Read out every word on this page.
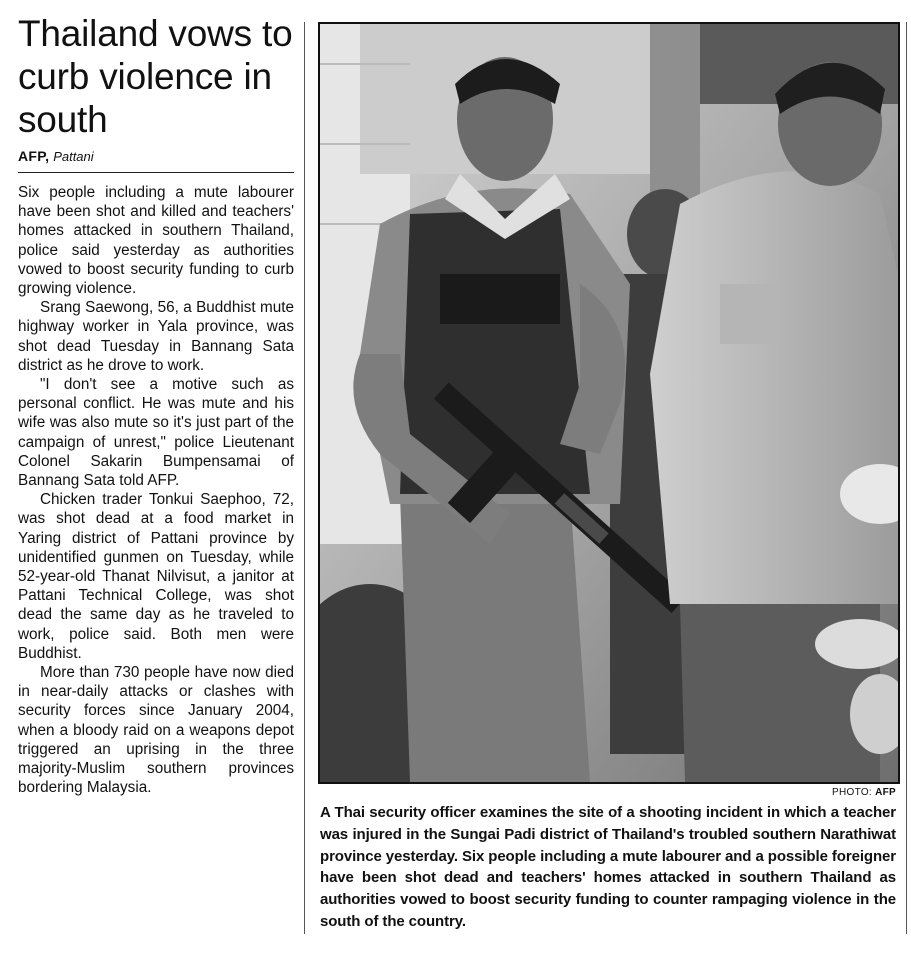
Thailand vows to curb violence in south
AFP, Pattani

Six people including a mute labourer have been shot and killed and teachers' homes attacked in southern Thailand, police said yesterday as authorities vowed to boost security funding to curb growing violence.

Srang Saewong, 56, a Buddhist mute highway worker in Yala province, was shot dead Tuesday in Bannang Sata district as he drove to work.

"I don't see a motive such as personal conflict. He was mute and his wife was also mute so it's just part of the campaign of unrest," police Lieutenant Colonel Sakarin Bumpensamai of Bannang Sata told AFP.

Chicken trader Tonkui Saephoo, 72, was shot dead at a food market in Yaring district of Pattani province by unidentified gunmen on Tuesday, while 52-year-old Thanat Nilvisut, a janitor at Pattani Technical College, was shot dead the same day as he traveled to work, police said. Both men were Buddhist.

More than 730 people have now died in near-daily attacks or clashes with security forces since January 2004, when a bloody raid on a weapons depot triggered an uprising in the three majority-Muslim southern provinces bordering Malaysia.	PHOTO: AFP

A Thai security officer examines the site of a shooting incident in which a teacher was injured in the Sungai Padi district of Thailand's troubled southern Narathiwat province yesterday. Six people including a mute labourer and a possible foreigner have been shot dead and teachers' homes attacked in southern Thailand as authorities vowed to boost security funding to counter rampaging violence in the south of the country.
